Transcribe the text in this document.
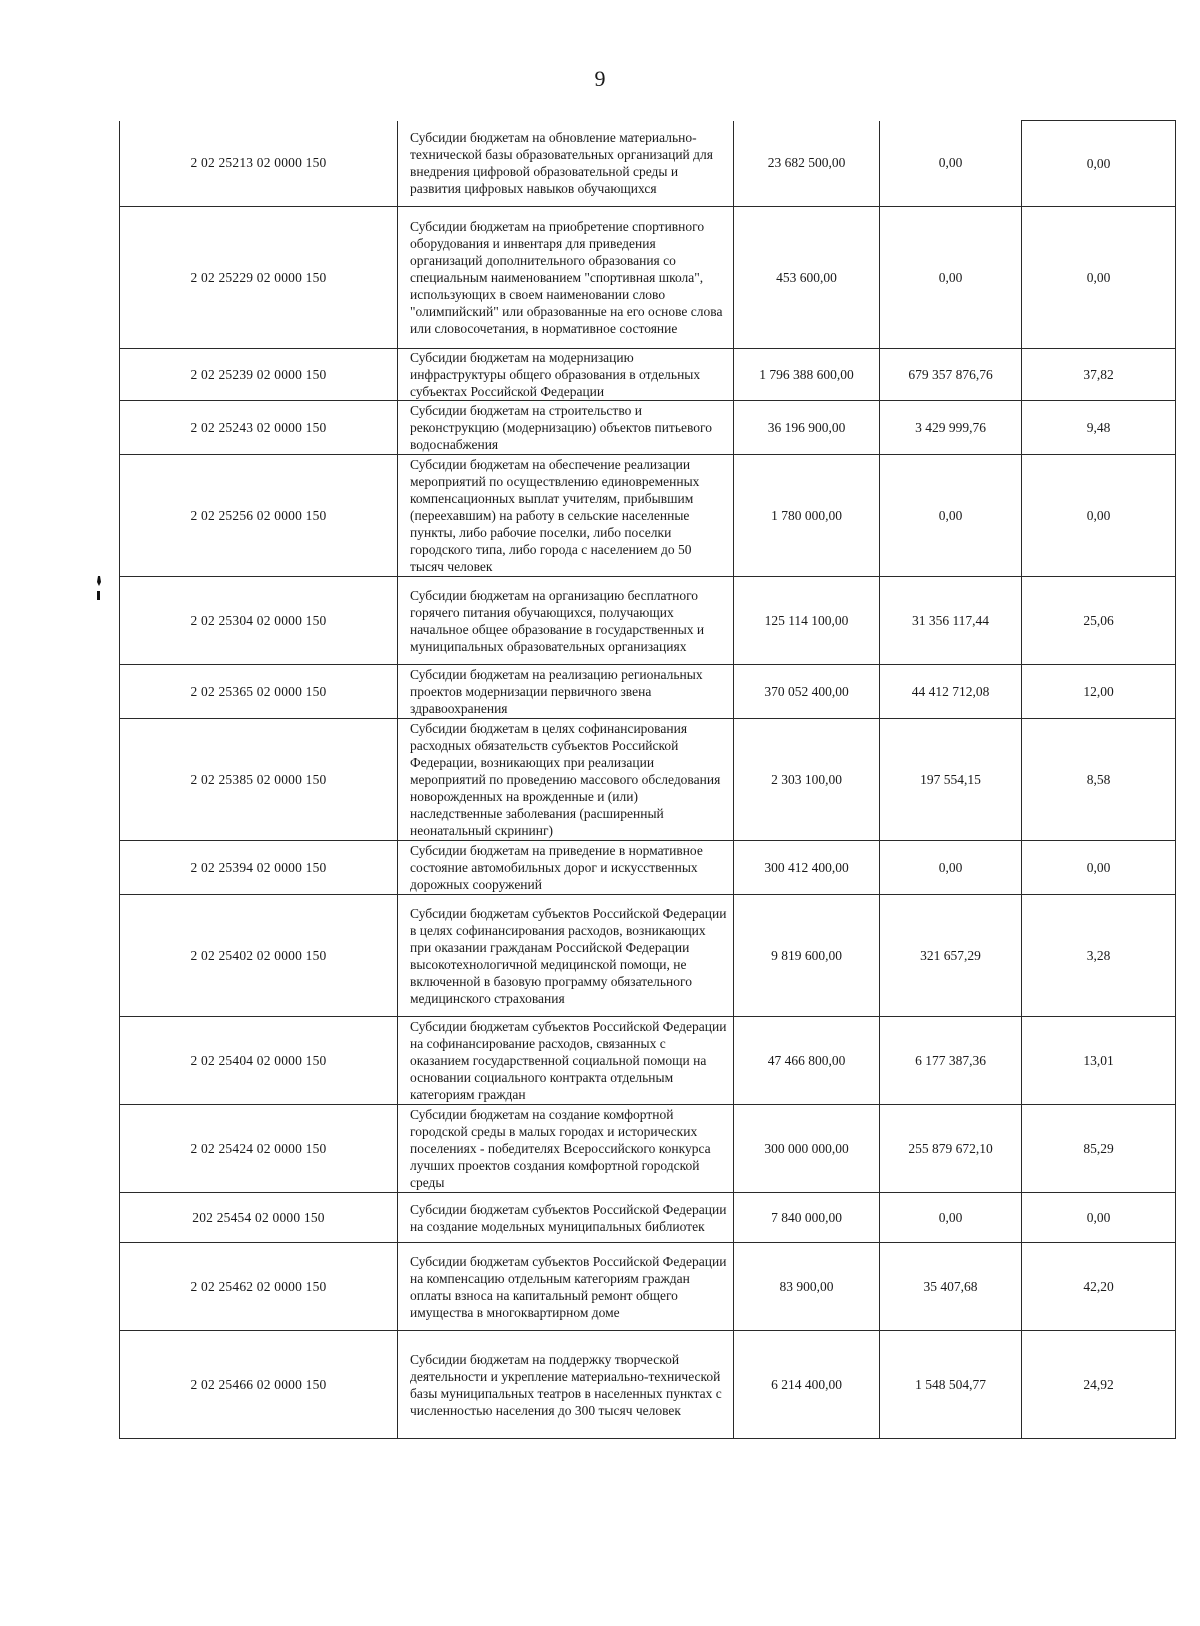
9
2 02 25213 02 0000 150	Субсидии бюджетам на обновление материально-технической базы образовательных организаций для внедрения цифровой образовательной среды и развития цифровых навыков обучающихся	23 682 500,00	0,00	0,00
2 02 25229 02 0000 150	Субсидии бюджетам на приобретение спортивного оборудования и инвентаря для приведения организаций дополнительного образования со специальным наименованием "спортивная школа", использующих в своем наименовании слово "олимпийский" или образованные на его основе слова или словосочетания, в нормативное состояние	453 600,00	0,00	0,00
2 02 25239 02 0000 150	Субсидии бюджетам на модернизацию инфраструктуры общего образования в отдельных субъектах Российской Федерации	1 796 388 600,00	679 357 876,76	37,82
2 02 25243 02 0000 150	Субсидии бюджетам на строительство и реконструкцию (модернизацию) объектов питьевого водоснабжения	36 196 900,00	3 429 999,76	9,48
2 02 25256 02 0000 150	Субсидии бюджетам на обеспечение реализации мероприятий по осуществлению единовременных компенсационных выплат учителям, прибывшим (переехавшим) на работу в сельские населенные пункты, либо рабочие поселки, либо поселки городского типа, либо города с населением до 50 тысяч человек	1 780 000,00	0,00	0,00
2 02 25304 02 0000 150	Субсидии бюджетам на организацию бесплатного горячего питания обучающихся, получающих начальное общее образование в государственных и муниципальных образовательных организациях	125 114 100,00	31 356 117,44	25,06
2 02 25365 02 0000 150	Субсидии бюджетам на реализацию региональных проектов модернизации первичного звена здравоохранения	370 052 400,00	44 412 712,08	12,00
2 02 25385 02 0000 150	Субсидии бюджетам в целях софинансирования расходных обязательств субъектов Российской Федерации, возникающих при реализации мероприятий по проведению массового обследования новорожденных на врожденные и (или) наследственные заболевания (расширенный неонатальный скрининг)	2 303 100,00	197 554,15	8,58
2 02 25394 02 0000 150	Субсидии бюджетам на приведение в нормативное состояние автомобильных дорог и искусственных дорожных сооружений	300 412 400,00	0,00	0,00
2 02 25402 02 0000 150	Субсидии бюджетам субъектов Российской Федерации в целях софинансирования расходов, возникающих при оказании гражданам Российской Федерации высокотехнологичной медицинской помощи, не включенной в базовую программу обязательного медицинского страхования	9 819 600,00	321 657,29	3,28
2 02 25404 02 0000 150	Субсидии бюджетам субъектов Российской Федерации на софинансирование расходов, связанных с оказанием государственной социальной помощи на основании социального контракта отдельным категориям граждан	47 466 800,00	6 177 387,36	13,01
2 02 25424 02 0000 150	Субсидии бюджетам на создание комфортной городской среды в малых городах и исторических поселениях - победителях Всероссийского конкурса лучших проектов создания комфортной городской среды	300 000 000,00	255 879 672,10	85,29
202 25454 02 0000 150	Субсидии бюджетам субъектов Российской Федерации на создание модельных муниципальных библиотек	7 840 000,00	0,00	0,00
2 02 25462 02 0000 150	Субсидии бюджетам субъектов Российской Федерации на компенсацию отдельным категориям граждан оплаты взноса на капитальный ремонт общего имущества в многоквартирном доме	83 900,00	35 407,68	42,20
2 02 25466 02 0000 150	Субсидии бюджетам на поддержку творческой деятельности и укрепление материально-технической базы муниципальных театров в населенных пунктах с численностью населения до 300 тысяч человек	6 214 400,00	1 548 504,77	24,92
